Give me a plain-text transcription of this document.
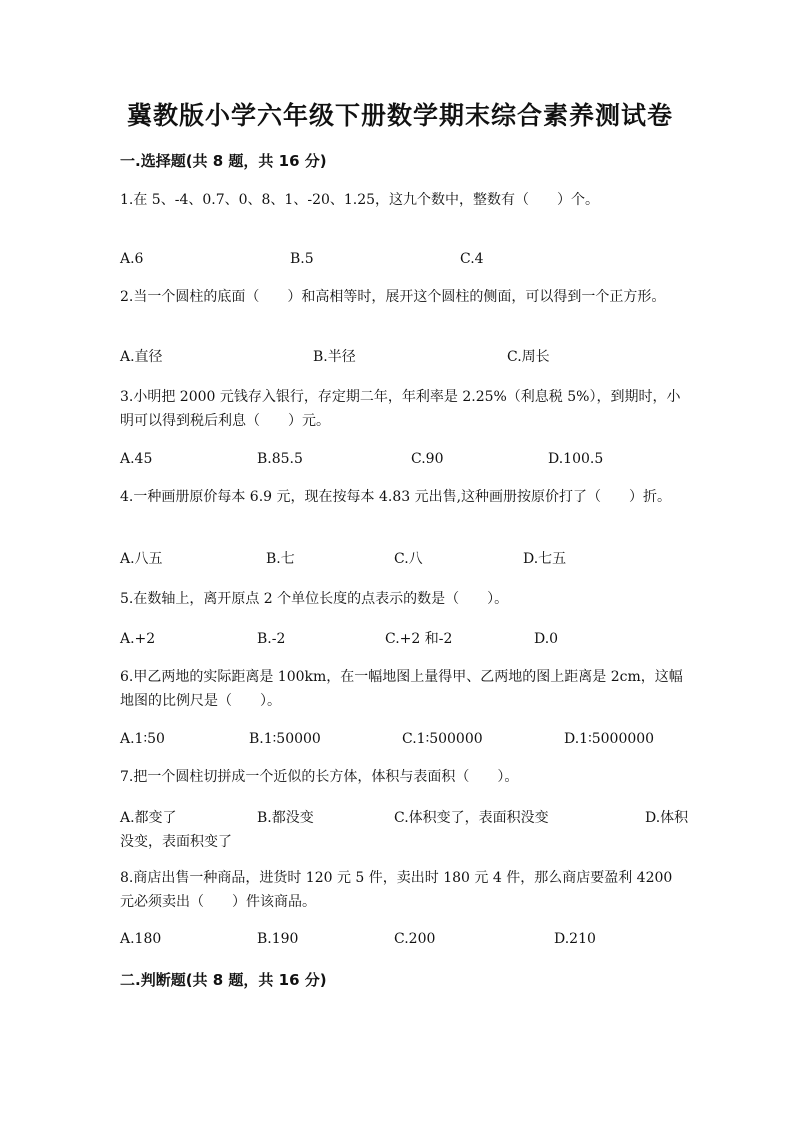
冀教版小学六年级下册数学期末综合素养测试卷
一.选择题(共 8 题，共 16 分)
1.在 5、-4、0.7、0、8、1、-20、1.25，这九个数中，整数有（　　）个。
A.6	B.5	C.4
2.当一个圆柱的底面（　　）和高相等时，展开这个圆柱的侧面，可以得到一个正方形。
A.直径	B.半径	C.周长
3.小明把 2000 元钱存入银行，存定期二年，年利率是 2.25%（利息税 5%），到期时，小明可以得到税后利息（　　）元。
A.45	B.85.5	C.90	D.100.5
4.一种画册原价每本 6.9 元，现在按每本 4.83 元出售,这种画册按原价打了（　　）折。
A.八五	B.七	C.八	D.七五
5.在数轴上，离开原点 2 个单位长度的点表示的数是（　　）。
A.+2	B.-2	C.+2 和-2	D.0
6.甲乙两地的实际距离是 100km，在一幅地图上量得甲、乙两地的图上距离是 2cm，这幅地图的比例尺是（　　）。
A.1∶50	B.1∶50000	C.1∶500000	D.1∶5000000
7.把一个圆柱切拼成一个近似的长方体，体积与表面积（　　）。
A.都变了	B.都没变	C.体积变了，表面积没变	D.体积没变，表面积变了
8.商店出售一种商品，进货时 120 元 5 件，卖出时 180 元 4 件，那么商店要盈利 4200 元必须卖出（　　）件该商品。
A.180	B.190	C.200	D.210
二.判断题(共 8 题，共 16 分)
